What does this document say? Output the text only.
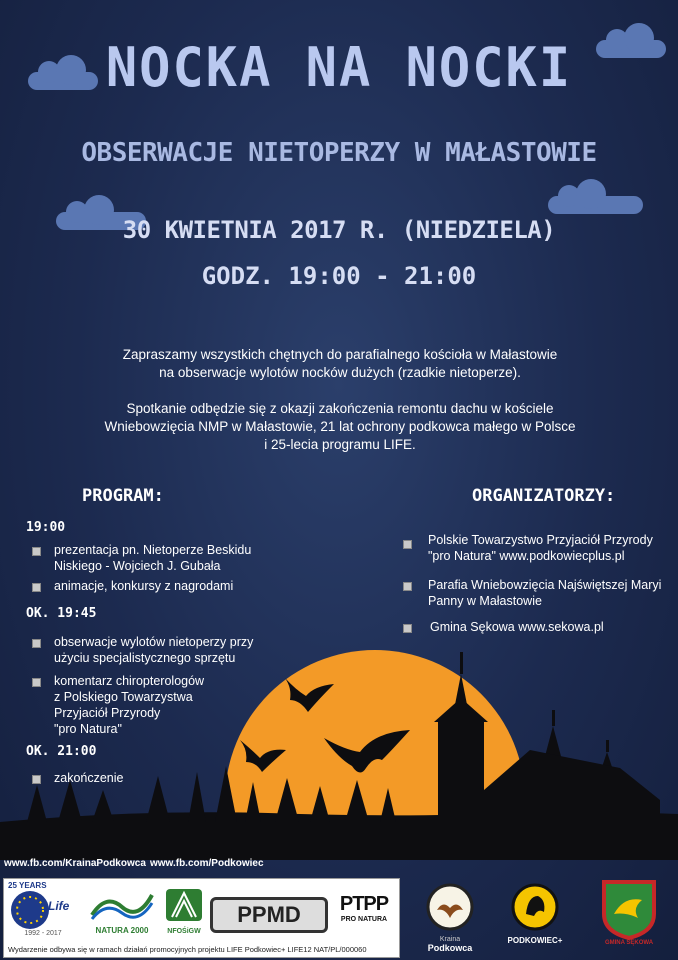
NOCKA NA NOCKI
OBSERWACJE NIETOPERZY W MAŁASTOWIE
30 KWIETNIA 2017 R. (NIEDZIELA)
GODZ. 19:00 - 21:00
Zapraszamy wszystkich chętnych do parafialnego kościoła w Małastowie
na obserwacje wylotów nocków dużych (rzadkie nietoperze).
Spotkanie odbędzie się z okazji zakończenia remontu dachu w kościele
Wniebowzięcia NMP w Małastowie, 21 lat ochrony podkowca małego w Polsce
i 25-lecia programu LIFE.
PROGRAM:
19:00
prezentacja pn. Nietoperze Beskidu
Niskiego - Wojciech J. Gubała
animacje, konkursy z nagrodami
OK. 19:45
obserwacje wylotów nietoperzy przy
użyciu specjalistycznego sprzętu
komentarz chiropterologów
z Polskiego Towarzystwa
Przyjaciół Przyrody
"pro Natura"
OK. 21:00
zakończenie
ORGANIZATORZY:
Polskie Towarzystwo Przyjaciół Przyrody
"pro Natura" www.podkowiecplus.pl
Parafia Wniebowzięcia Najświętszej Maryi
Panny w Małastowie
Gmina Sękowa www.sekowa.pl
www.fb.com/KrainaPodkowca www.fb.com/Podkowiec
25 YEARS
Life
1992 - 2017	NATURA 2000	NFOŚiGW
PPMD	PTPP
PRO NATURA
Wydarzenie odbywa się w ramach działań promocyjnych projektu LIFE Podkowiec+ LIFE12 NAT/PL/000060
Kraina
Podkowca
PODKOWIEC+	GMINA SĘKOWA
